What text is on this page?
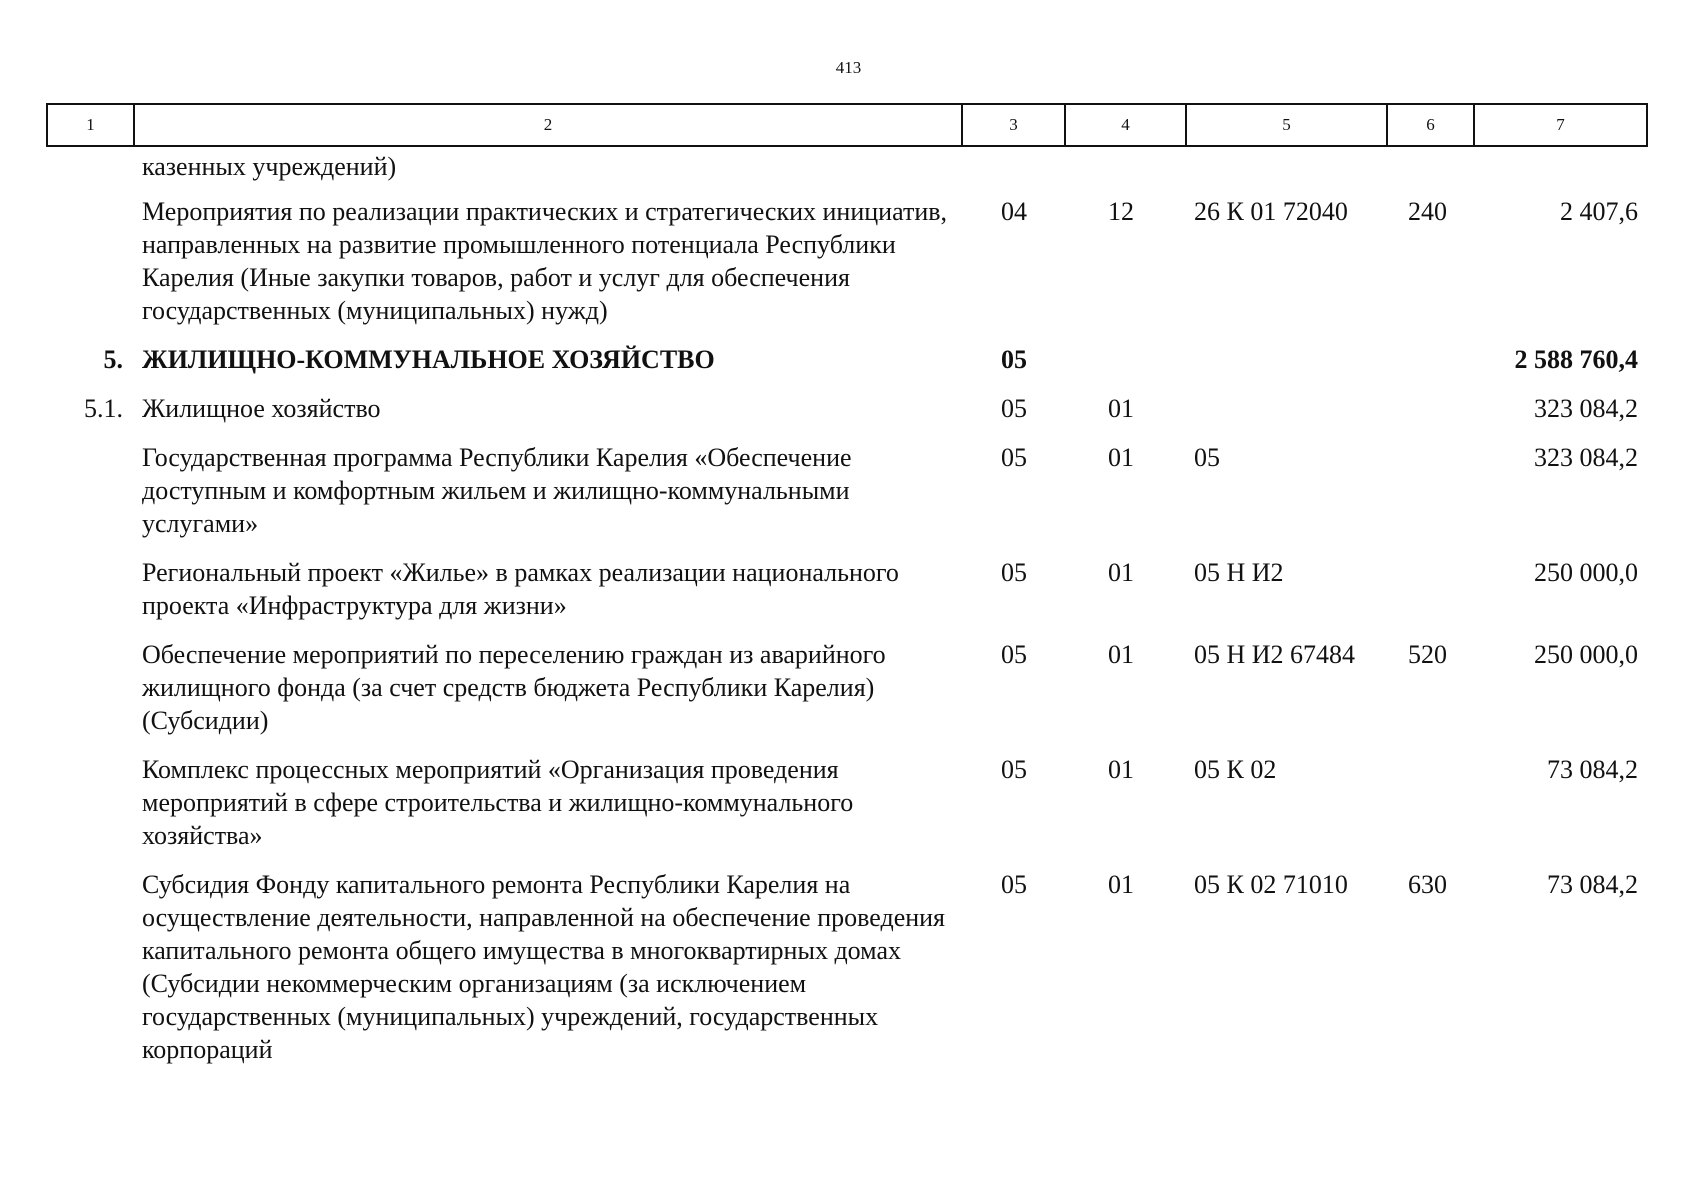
413
1	2	3	4	5	6	7
	казенных учреждений)					
	Мероприятия по реализации практических и стратегических инициатив, направленных на развитие промышленного потенциала Республики Карелия (Иные закупки товаров, работ и услуг для обеспечения государственных (муниципальных) нужд)	04	12	26 К 01 72040	240	2 407,6
5.	ЖИЛИЩНО-КОММУНАЛЬНОЕ ХОЗЯЙСТВО	05				2 588 760,4
5.1.	Жилищное хозяйство	05	01			323 084,2
	Государственная программа Республики Карелия «Обеспечение доступным и комфортным жильем и жилищно-коммунальными услугами»	05	01	05		323 084,2
	Региональный проект «Жилье» в рамках реализации национального проекта «Инфраструктура для жизни»	05	01	05 Н И2		250 000,0
	Обеспечение мероприятий по переселению граждан из аварийного жилищного фонда (за счет средств бюджета Республики Карелия) (Субсидии)	05	01	05 Н И2 67484	520	250 000,0
	Комплекс процессных мероприятий «Организация проведения мероприятий в сфере строительства и жилищно-коммунального хозяйства»	05	01	05 К 02		73 084,2
	Субсидия Фонду капитального ремонта Республики Карелия на осуществление деятельности, направленной на обеспечение проведения капитального ремонта общего имущества в многоквартирных домах (Субсидии некоммерческим организациям (за исключением государственных (муниципальных) учреждений, государственных корпораций	05	01	05 К 02 71010	630	73 084,2
